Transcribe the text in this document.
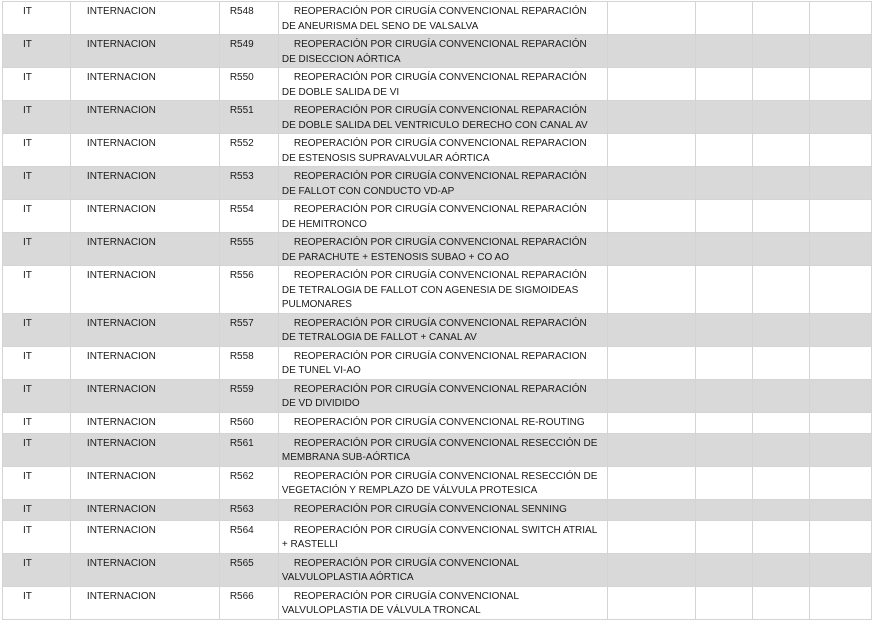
IT	INTERNACION	R548	REOPERACIÓN POR CIRUGÍA CONVENCIONAL REPARACIÓN DE ANEURISMA DEL SENO DE VALSALVA				

IT	INTERNACION	R549	REOPERACIÓN POR CIRUGÍA CONVENCIONAL REPARACIÓN DE DISECCION AÓRTICA				

IT	INTERNACION	R550	REOPERACIÓN POR CIRUGÍA CONVENCIONAL REPARACIÓN DE DOBLE SALIDA DE VI				

IT	INTERNACION	R551	REOPERACIÓN POR CIRUGÍA CONVENCIONAL REPARACIÓN DE DOBLE SALIDA DEL VENTRICULO DERECHO CON CANAL AV				

IT	INTERNACION	R552	REOPERACIÓN POR CIRUGÍA CONVENCIONAL REPARACION DE ESTENOSIS SUPRAVALVULAR AÓRTICA				

IT	INTERNACION	R553	REOPERACIÓN POR CIRUGÍA CONVENCIONAL REPARACIÓN DE FALLOT CON CONDUCTO VD-AP				

IT	INTERNACION	R554	REOPERACIÓN POR CIRUGÍA CONVENCIONAL REPARACIÓN DE HEMITRONCO				

IT	INTERNACION	R555	REOPERACIÓN POR CIRUGÍA CONVENCIONAL REPARACIÓN DE PARACHUTE + ESTENOSIS SUBAO + CO AO				

IT	INTERNACION	R556	REOPERACIÓN POR CIRUGÍA CONVENCIONAL REPARACIÓN DE TETRALOGIA DE FALLOT CON AGENESIA DE SIGMOIDEAS PULMONARES				

IT	INTERNACION	R557	REOPERACIÓN POR CIRUGÍA CONVENCIONAL REPARACIÓN DE TETRALOGIA DE FALLOT + CANAL AV				

IT	INTERNACION	R558	REOPERACIÓN POR CIRUGÍA CONVENCIONAL REPARACION DE TUNEL VI-AO				

IT	INTERNACION	R559	REOPERACIÓN POR CIRUGÍA CONVENCIONAL REPARACIÓN DE VD DIVIDIDO				

IT	INTERNACION	R560	REOPERACIÓN POR CIRUGÍA CONVENCIONAL RE-ROUTING				

IT	INTERNACION	R561	REOPERACIÓN POR CIRUGÍA CONVENCIONAL RESECCIÓN DE MEMBRANA SUB-AÓRTICA				

IT	INTERNACION	R562	REOPERACIÓN POR CIRUGÍA CONVENCIONAL RESECCIÓN DE VEGETACIÓN Y REMPLAZO DE VÁLVULA PROTESICA				

IT	INTERNACION	R563	REOPERACIÓN POR CIRUGÍA CONVENCIONAL SENNING				

IT	INTERNACION	R564	REOPERACIÓN POR CIRUGÍA CONVENCIONAL SWITCH ATRIAL + RASTELLI				

IT	INTERNACION	R565	REOPERACIÓN POR CIRUGÍA CONVENCIONAL VALVULOPLASTIA AÓRTICA				

IT	INTERNACION	R566	REOPERACIÓN POR CIRUGÍA CONVENCIONAL VALVULOPLASTIA DE VÁLVULA TRONCAL				
